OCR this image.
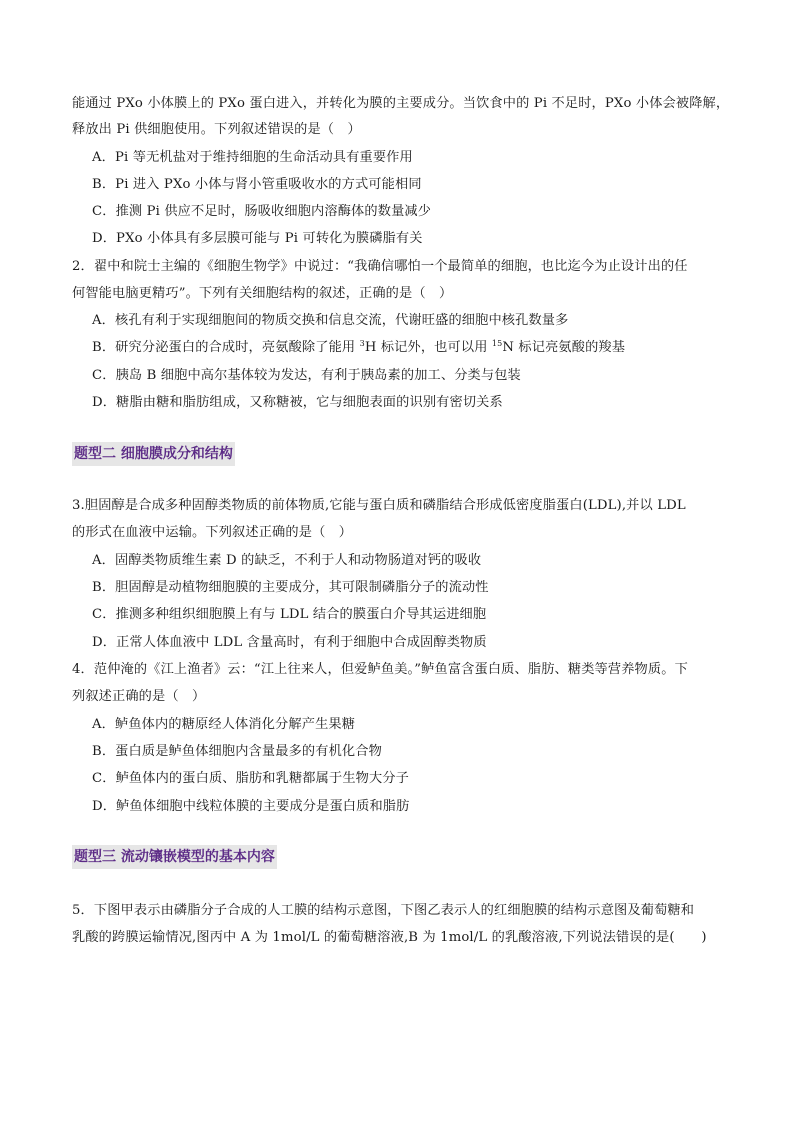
能通过 PXo 小体膜上的 PXo 蛋白进入，并转化为膜的主要成分。当饮食中的 Pi 不足时，PXo 小体会被降解，
释放出 Pi 供细胞使用。下列叙述错误的是（　）
A．Pi 等无机盐对于维持细胞的生命活动具有重要作用
B．Pi 进入 PXo 小体与肾小管重吸收水的方式可能相同
C．推测 Pi 供应不足时，肠吸收细胞内溶酶体的数量减少
D．PXo 小体具有多层膜可能与 Pi 可转化为膜磷脂有关
2．翟中和院士主编的《细胞生物学》中说过：“我确信哪怕一个最简单的细胞，也比迄今为止设计出的任
何智能电脑更精巧”。下列有关细胞结构的叙述，正确的是（　）
A．核孔有利于实现细胞间的物质交换和信息交流，代谢旺盛的细胞中核孔数量多
B．研究分泌蛋白的合成时，亮氨酸除了能用 $^3$H 标记外，也可以用 $^{15}$N 标记亮氨酸的羧基
C．胰岛 B 细胞中高尔基体较为发达，有利于胰岛素的加工、分类与包装
D．糖脂由糖和脂肪组成，又称糖被，它与细胞表面的识别有密切关系
题型二 细胞膜成分和结构
3.胆固醇是合成多种固醇类物质的前体物质,它能与蛋白质和磷脂结合形成低密度脂蛋白(LDL),并以 LDL
的形式在血液中运输。下列叙述正确的是（　）
A．固醇类物质维生素 D 的缺乏，不利于人和动物肠道对钙的吸收
B．胆固醇是动植物细胞膜的主要成分，其可限制磷脂分子的流动性
C．推测多种组织细胞膜上有与 LDL 结合的膜蛋白介导其运进细胞
D．正常人体血液中 LDL 含量高时，有利于细胞中合成固醇类物质
4．范仲淹的《江上渔者》云：“江上往来人，但爱鲈鱼美。”鲈鱼富含蛋白质、脂肪、糖类等营养物质。下
列叙述正确的是（　）
A．鲈鱼体内的糖原经人体消化分解产生果糖
B．蛋白质是鲈鱼体细胞内含量最多的有机化合物
C．鲈鱼体内的蛋白质、脂肪和乳糖都属于生物大分子
D．鲈鱼体细胞中线粒体膜的主要成分是蛋白质和脂肪
题型三 流动镶嵌模型的基本内容
5．下图甲表示由磷脂分子合成的人工膜的结构示意图，下图乙表示人的红细胞膜的结构示意图及葡萄糖和
乳酸的跨膜运输情况,图丙中 A 为 1mol/L 的葡萄糖溶液,B 为 1mol/L 的乳酸溶液,下列说法错误的是(　　)
